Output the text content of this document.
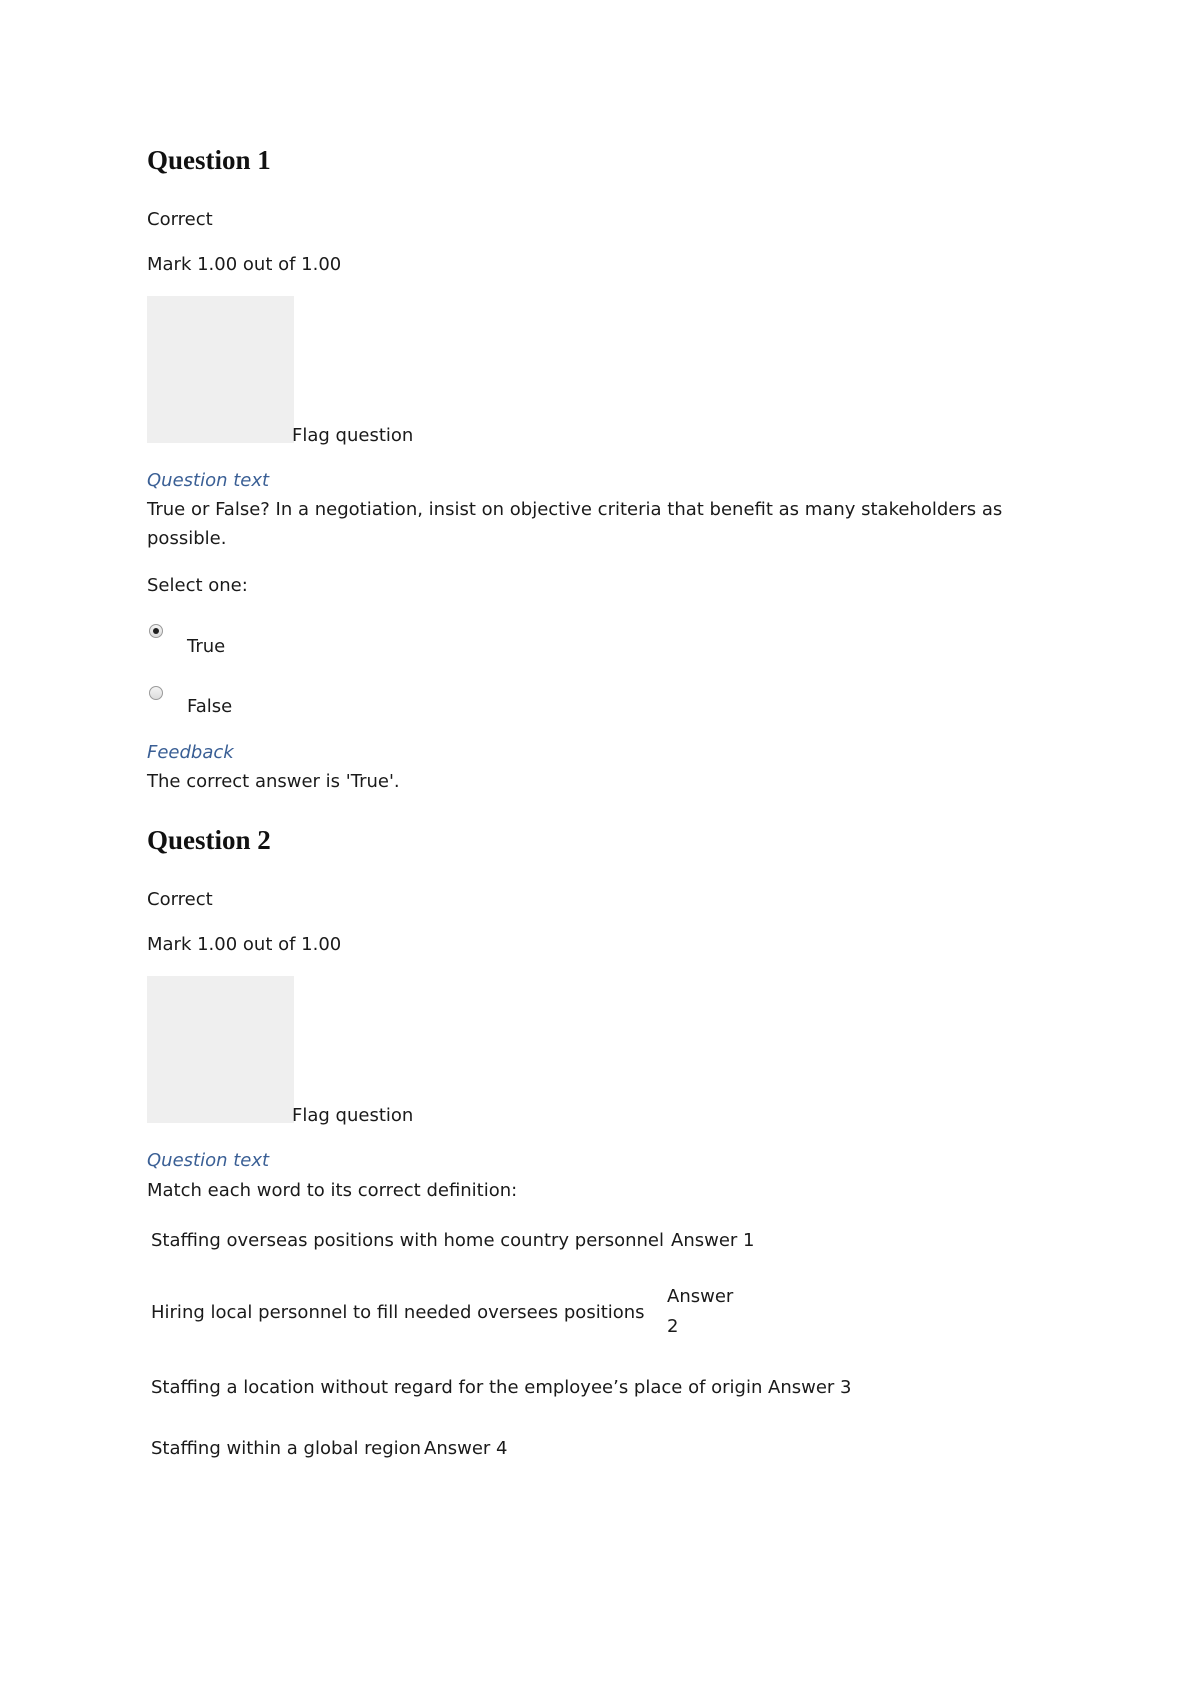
Question 1
Correct
Mark 1.00 out of 1.00
Flag question
Question text
True or False? In a negotiation, insist on objective criteria that benefit as many stakeholders as possible.
Select one:
True
False
Feedback
The correct answer is 'True'.
Question 2
Correct
Mark 1.00 out of 1.00
Flag question
Question text
Match each word to its correct definition:
Staffing overseas positions with home country personnel Answer 1
Hiring local personnel to fill needed oversees positions
Answer
2
Staffing a location without regard for the employee’s place of origin Answer 3
Staffing within a global region Answer 4
